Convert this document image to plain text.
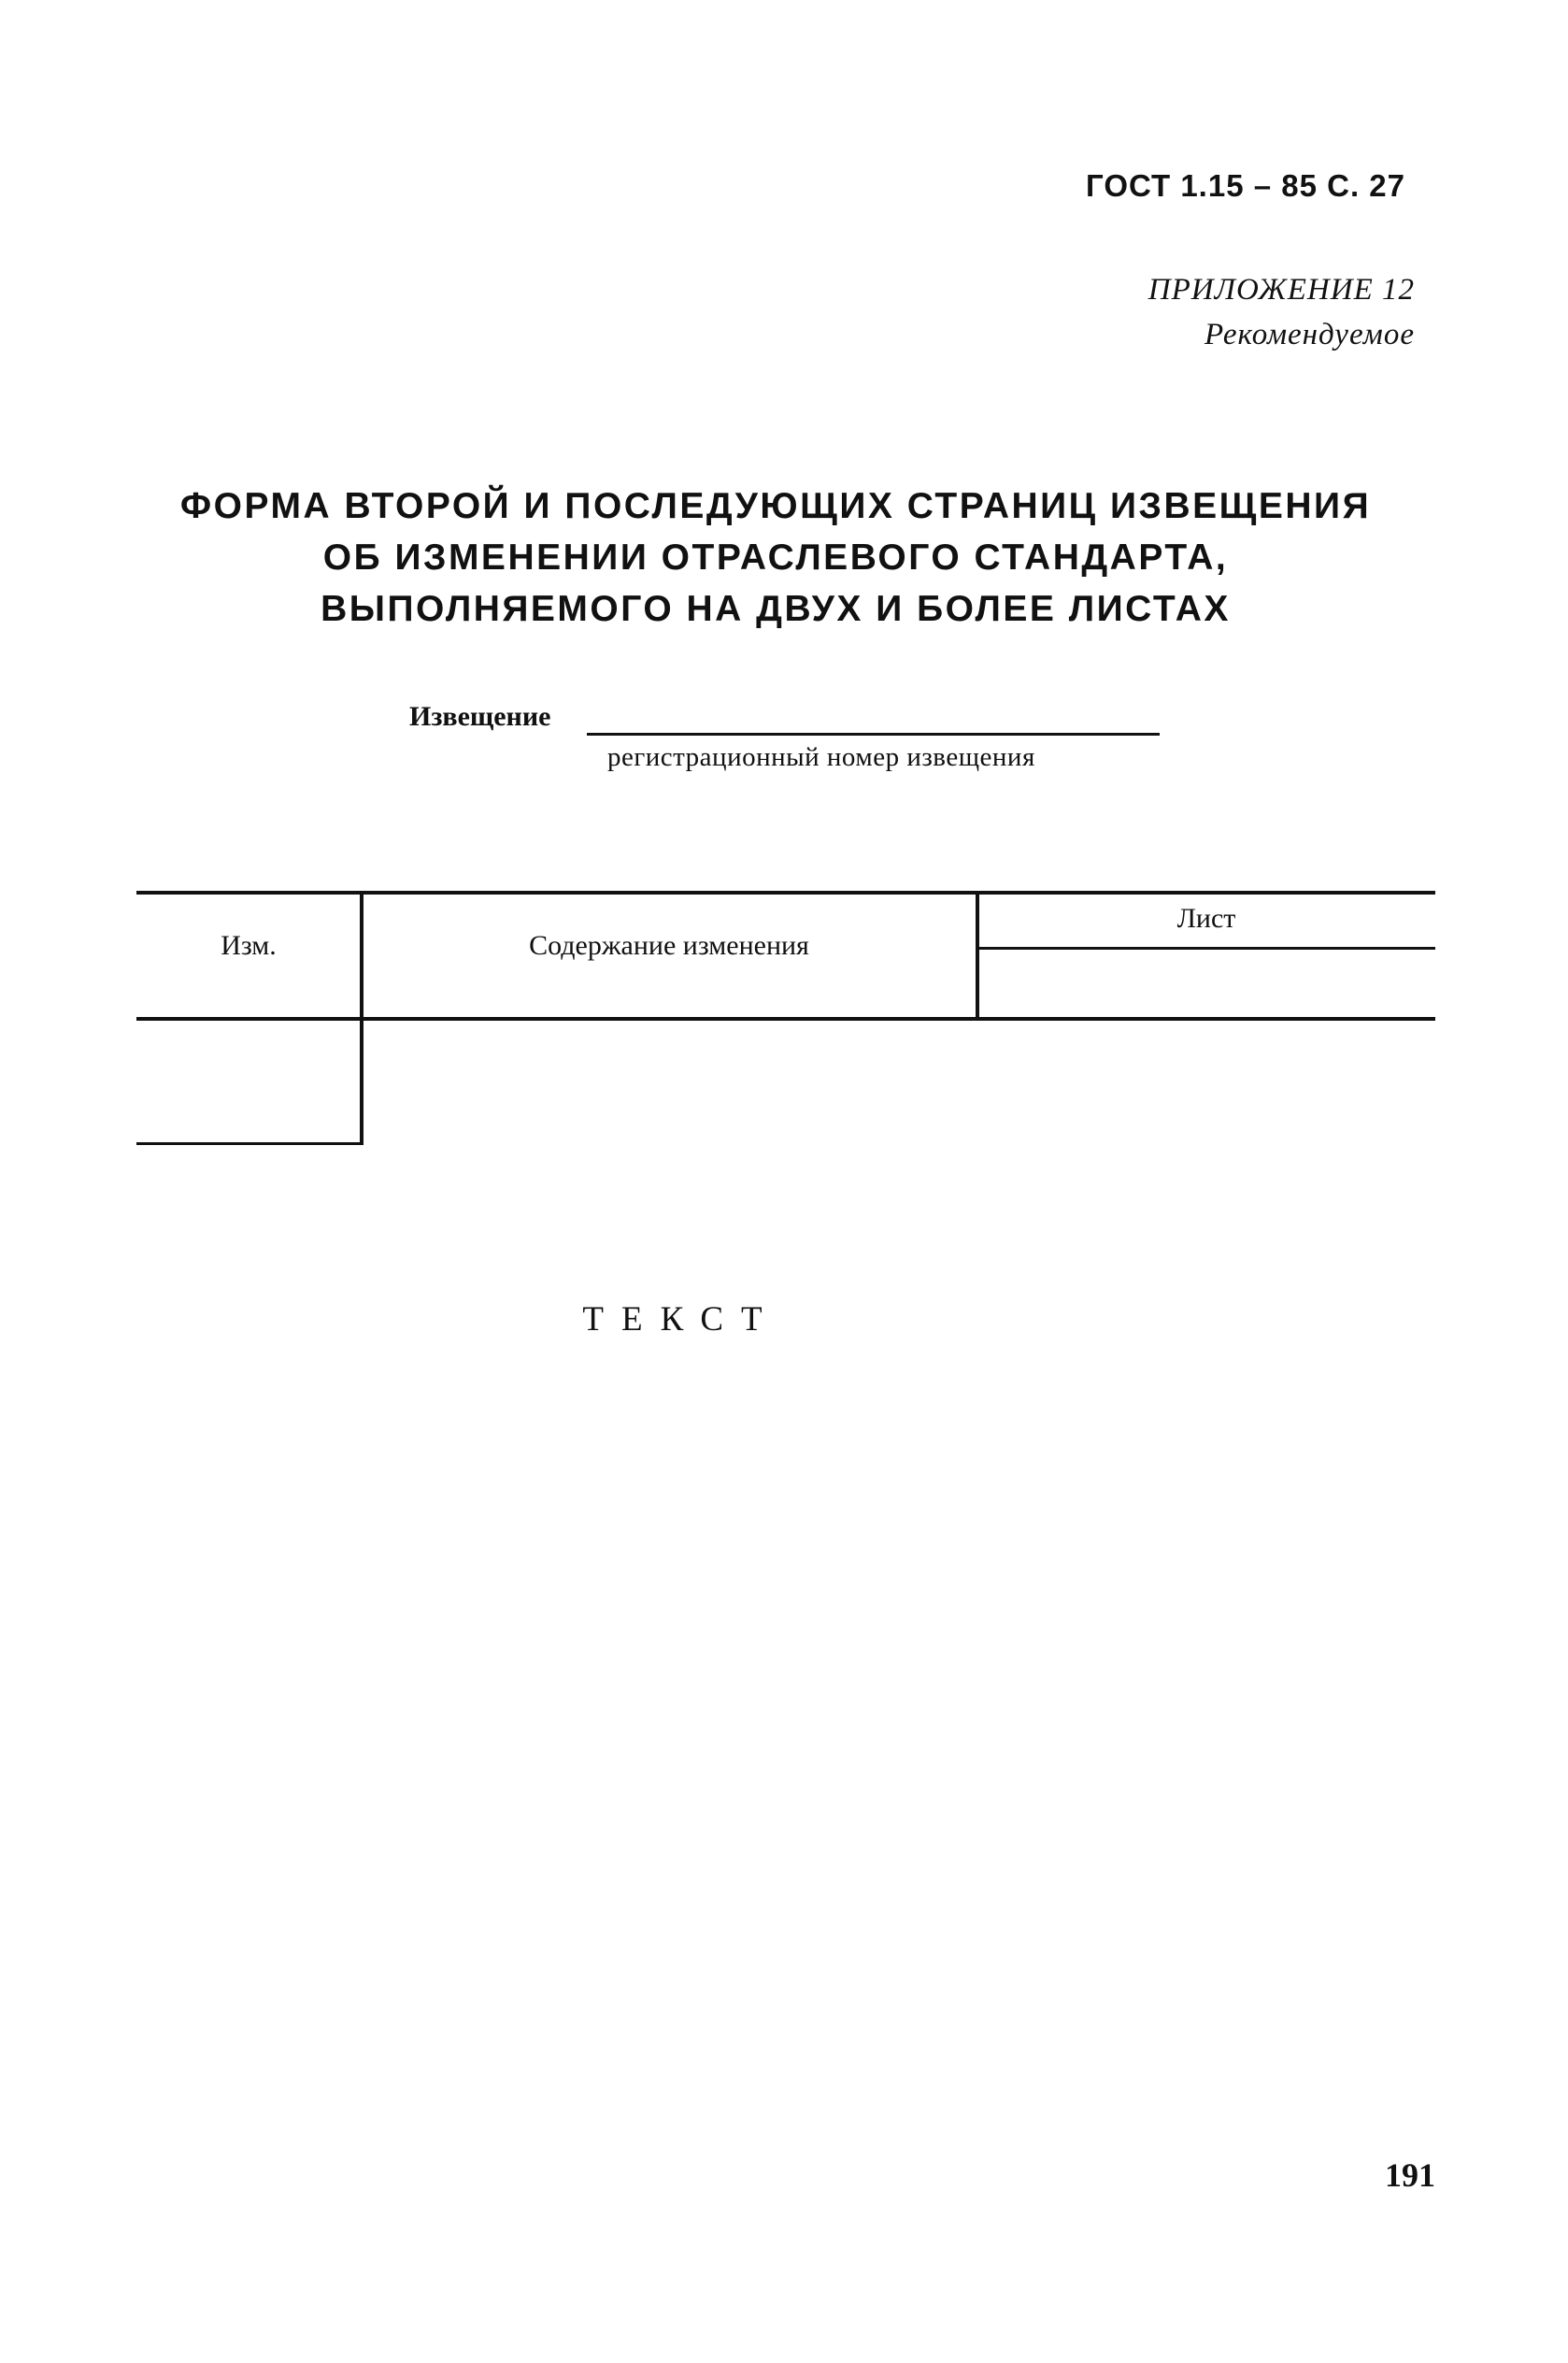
ГОСТ 1.15 – 85 С. 27
ПРИЛОЖЕНИЕ 12
Рекомендуемое
ФОРМА ВТОРОЙ И ПОСЛЕДУЮЩИХ СТРАНИЦ ИЗВЕЩЕНИЯ
ОБ ИЗМЕНЕНИИ ОТРАСЛЕВОГО СТАНДАРТА,
ВЫПОЛНЯЕМОГО НА ДВУХ И БОЛЕЕ ЛИСТАХ
Извещение
регистрационный номер извещения
Изм.	Содержание изменения
Лист
ТЕКСТ
191
